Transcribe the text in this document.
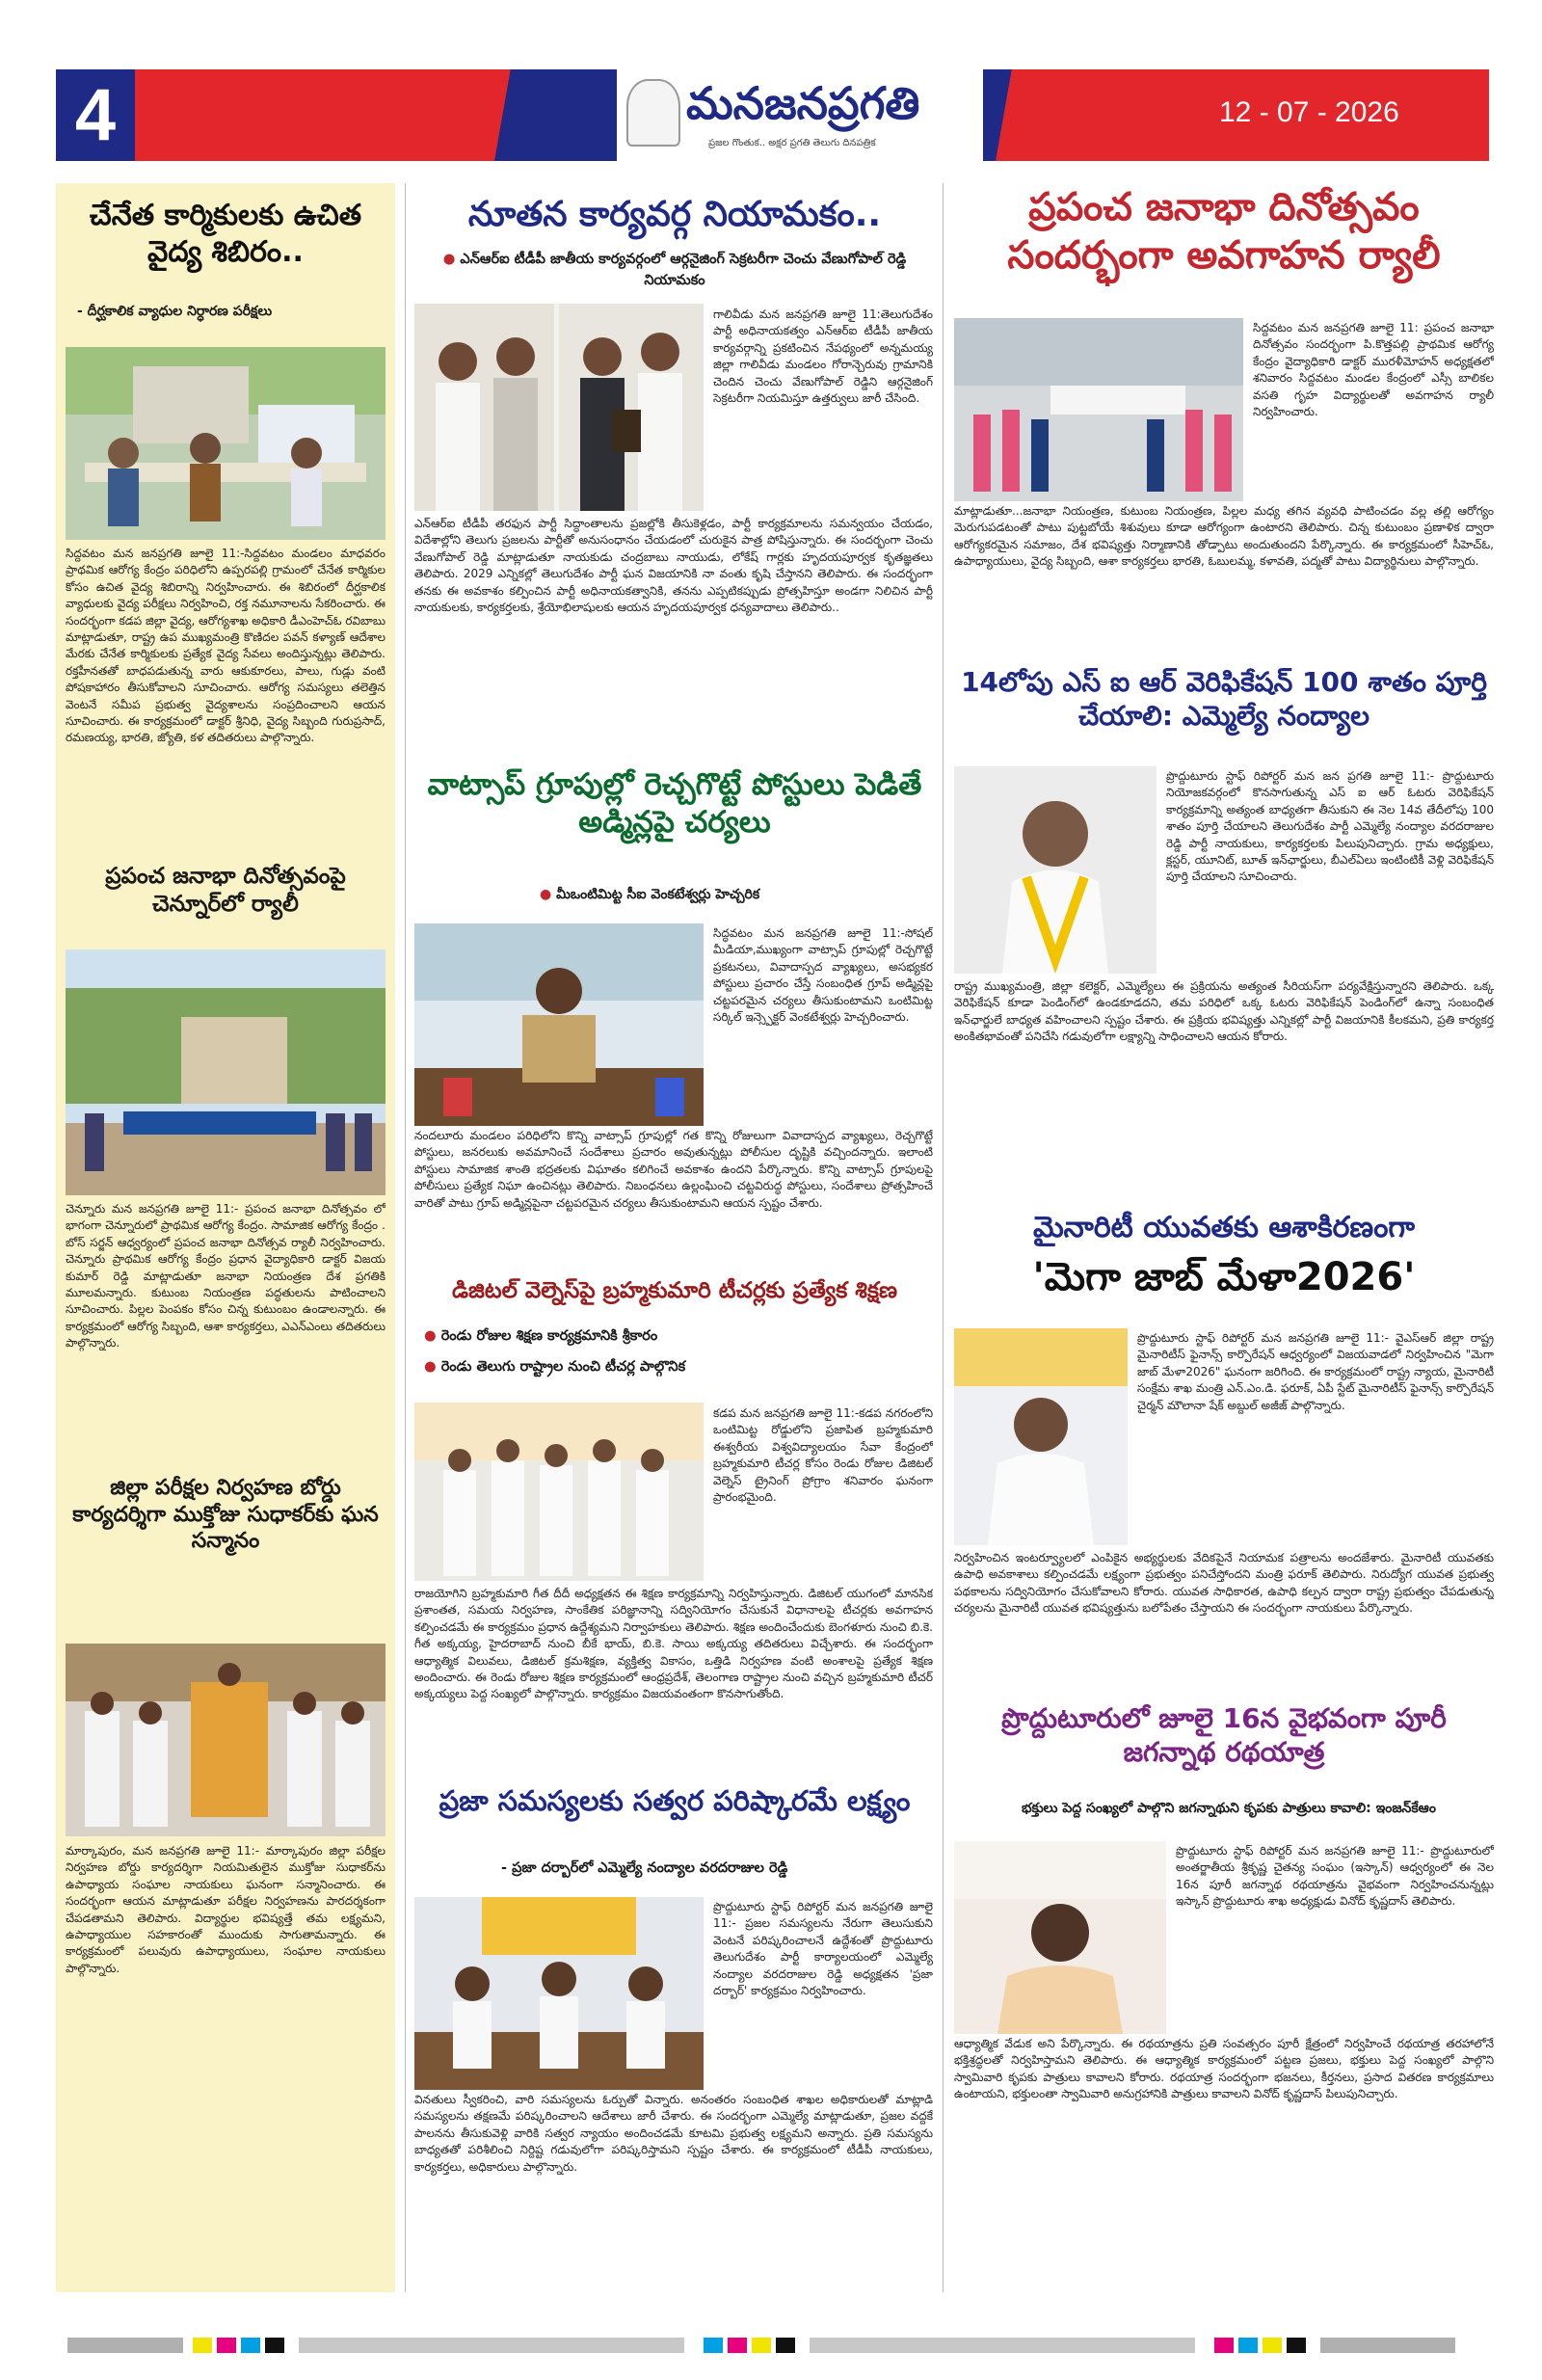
4	మనజనప్రగతి
ప్రజల గొంతుక.. అక్షర ప్రగతి తెలుగు దినపత్రిక
12 - 07 - 2026
చేనేత కార్మికులకు ఉచిత వైద్య శిబిరం..
- దీర్ఘకాలిక వ్యాధుల నిర్ధారణ పరీక్షలు
సిద్దవటం మన జనప్రగతి జూలై 11:-సిద్దవటం మండలం మాధవరం ప్రాథమిక ఆరోగ్య కేంద్రం పరిధిలోని ఉప్పరపల్లి గ్రామంలో చేనేత కార్మికుల కోసం ఉచిత వైద్య శిబిరాన్ని నిర్వహించారు. ఈ శిబిరంలో దీర్ఘకాలిక వ్యాధులకు వైద్య పరీక్షలు నిర్వహించి, రక్త నమూనాలను సేకరించారు. ఈ సందర్భంగా కడప జిల్లా వైద్య, ఆరోగ్యశాఖ అధికారి డీఎంహెచ్ఓ రవిబాబు మాట్లాడుతూ, రాష్ట్ర ఉప ముఖ్యమంత్రి కొణిదల పవన్ కళ్యాణ్ ఆదేశాల మేరకు చేనేత కార్మికులకు ప్రత్యేక వైద్య సేవలు అందిస్తున్నట్లు తెలిపారు. రక్తహీనతతో బాధపడుతున్న వారు ఆకుకూరలు, పాలు, గుడ్లు వంటి పోషకాహారం తీసుకోవాలని సూచించారు. ఆరోగ్య సమస్యలు తలెత్తిన వెంటనే సమీప ప్రభుత్వ వైద్యశాలను సంప్రదించాలని ఆయన సూచించారు. ఈ కార్యక్రమంలో డాక్టర్ శ్రీనిధి, వైద్య సిబ్బంది గురుప్రసాద్, రమణయ్య, భారతి, జ్యోతి, కళ తదితరులు పాల్గొన్నారు.
ప్రపంచ జనాభా దినోత్సవంపై చెన్నూర్‌లో ర్యాలీ
చెన్నూరు మన జనప్రగతి జూలై 11:- ప్రపంచ జనాభా దినోత్సవం లో భాగంగా చెన్నూరులో ప్రాథమిక ఆరోగ్య కేంద్రం. సామాజిక ఆరోగ్య కేంద్రం . బోస్ సర్జన్ ఆధ్వర్యంలో ప్రపంచ జనాభా దినోత్సవ ర్యాలీ నిర్వహించారు. చెన్నూరు ప్రాథమిక ఆరోగ్య కేంద్రం ప్రధాన వైద్యాధికారి డాక్టర్ విజయ కుమార్ రెడ్డి మాట్లాడుతూ జనాభా నియంత్రణ దేశ ప్రగతికి మూలమన్నారు. కుటుంబ నియంత్రణ పద్ధతులను పాటించాలని సూచించారు. పిల్లల పెంపకం కోసం చిన్న కుటుంబం ఉండాలన్నారు. ఈ కార్యక్రమంలో ఆరోగ్య సిబ్బంది, ఆశా కార్యకర్తలు, ఎఎన్ఎంలు తదితరులు పాల్గొన్నారు.
జిల్లా పరీక్షల నిర్వహణ బోర్డు కార్యదర్శిగా ముక్తోజు సుధాకర్‌కు ఘన సన్మానం
మార్కాపురం, మన జనప్రగతి జూలై 11:- మార్కాపురం జిల్లా పరీక్షల నిర్వహణ బోర్డు కార్యదర్శిగా నియమితులైన ముక్తోజు సుధాకర్‌ను ఉపాధ్యాయ సంఘాల నాయకులు ఘనంగా సన్మానించారు. ఈ సందర్భంగా ఆయన మాట్లాడుతూ పరీక్షల నిర్వహణను పారదర్శకంగా చేపడతామని తెలిపారు. విద్యార్థుల భవిష్యత్తే తమ లక్ష్యమని, ఉపాధ్యాయుల సహకారంతో ముందుకు సాగుతామన్నారు. ఈ కార్యక్రమంలో పలువురు ఉపాధ్యాయులు, సంఘాల నాయకులు పాల్గొన్నారు.
నూతన కార్యవర్గ నియామకం..
● ఎన్ఆర్ఐ టీడీపీ జాతీయ కార్యవర్గంలో ఆర్గనైజింగ్ సెక్రటరీగా చెంచు వేణుగోపాల్ రెడ్డి నియామకం
గాలివీడు మన జనప్రగతి జూలై 11:తెలుగుదేశం పార్టీ అధినాయకత్వం ఎన్ఆర్ఐ టీడీపీ జాతీయ కార్యవర్గాన్ని ప్రకటించిన నేపథ్యంలో అన్నమయ్య జిల్లా గాలివీడు మండలం గోరాన్చెరువు గ్రామానికి చెందిన చెంచు వేణుగోపాల్ రెడ్డిని ఆర్గనైజింగ్ సెక్రటరీగా నియమిస్తూ ఉత్తర్వులు జారీ చేసింది.
ఎన్ఆర్ఐ టీడీపీ తరఫున పార్టీ సిద్ధాంతాలను ప్రజల్లోకి తీసుకెళ్లడం, పార్టీ కార్యక్రమాలను సమన్వయం చేయడం, విదేశాల్లోని తెలుగు ప్రజలను పార్టీతో అనుసంధానం చేయడంలో చురుకైన పాత్ర పోషిస్తున్నారు. ఈ సందర్భంగా చెంచు వేణుగోపాల్ రెడ్డి మాట్లాడుతూ నాయకుడు చంద్రబాబు నాయుడు, లోకేష్ గార్లకు హృదయపూర్వక కృతజ్ఞతలు తెలిపారు. 2029 ఎన్నికల్లో తెలుగుదేశం పార్టీ ఘన విజయానికి నా వంతు కృషి చేస్తానని తెలిపారు. ఈ సందర్భంగా తనకు ఈ అవకాశం కల్పించిన పార్టీ అధినాయకత్వానికి, తనను ఎప్పటికప్పుడు ప్రోత్సహిస్తూ అండగా నిలిచిన పార్టీ నాయకులకు, కార్యకర్తలకు, శ్రేయోభిలాషులకు ఆయన హృదయపూర్వక ధన్యవాదాలు తెలిపారు..
వాట్సాప్ గ్రూపుల్లో రెచ్చగొట్టే పోస్టులు పెడితే అడ్మిన్లపై చర్యలు
● మీఒంటిమిట్ట సీఐ వెంకటేశ్వర్లు హెచ్చరిక
సిద్ధవటం మన జనప్రగతి జూలై 11:-సోషల్ మీడియా,ముఖ్యంగా వాట్సాప్ గ్రూపుల్లో రెచ్చగొట్టే ప్రకటనలు, వివాదాస్పద వ్యాఖ్యలు, అసభ్యకర పోస్టులు ప్రచారం చేస్తే సంబంధిత గ్రూప్ అడ్మిన్లపై చట్టపరమైన చర్యలు తీసుకుంటామని ఒంటిమిట్ట సర్కిల్ ఇన్స్పెక్టర్ వెంకటేశ్వర్లు హెచ్చరించారు.
నందలూరు మండలం పరిధిలోని కొన్ని వాట్సాప్ గ్రూపుల్లో గత కొన్ని రోజులుగా వివాదాస్పద వ్యాఖ్యలు, రెచ్చగొట్టే పోస్టులు, జనరలుకు అవమానించే సందేశాలు ప్రచారం అవుతున్నట్లు పోలీసుల దృష్టికి వచ్చిందన్నారు. ఇలాంటి పోస్టులు సామాజిక శాంతి భద్రతలకు విఘాతం కలిగించే అవకాశం ఉందని పేర్కొన్నారు. కొన్ని వాట్సాప్ గ్రూపులపై పోలీసులు ప్రత్యేక నిఘా ఉంచినట్లు తెలిపారు. నిబంధనలు ఉల్లంఘించి చట్టవిరుద్ధ పోస్టులు, సందేశాలు ప్రోత్సహించే వారితో పాటు గ్రూప్ అడ్మిన్లపైనా చట్టపరమైన చర్యలు తీసుకుంటామని ఆయన స్పష్టం చేశారు.
డిజిటల్ వెల్నెస్‌పై బ్రహ్మకుమారి టీచర్లకు ప్రత్యేక శిక్షణ
● రెండు రోజుల శిక్షణ కార్యక్రమానికి శ్రీకారం
● రెండు తెలుగు రాష్ట్రాల నుంచి టీచర్ల పాల్గొనిక
కడప మన జనప్రగతి జూలై 11:-కడప నగరంలోని ఒంటిమిట్ట రోడ్డులోని ప్రజాపిత బ్రహ్మకుమారి ఈశ్వరీయ విశ్వవిద్యాలయం సేవా కేంద్రంలో బ్రహ్మకుమారి టీచర్ల కోసం రెండు రోజుల డిజిటల్ వెల్నెస్ ట్రైనింగ్ ప్రోగ్రాం శనివారం ఘనంగా ప్రారంభమైంది.
రాజయోగిని బ్రహ్మకుమారి గీత దీదీ అధ్యక్షతన ఈ శిక్షణ కార్యక్రమాన్ని నిర్వహిస్తున్నారు. డిజిటల్ యుగంలో మానసిక ప్రశాంతత, సమయ నిర్వహణ, సాంకేతిక పరిజ్ఞానాన్ని సద్వినియోగం చేసుకునే విధానాలపై టీచర్లకు అవగాహన కల్పించడమే ఈ కార్యక్రమం ప్రధాన ఉద్దేశ్యమని నిర్వాహకులు తెలిపారు. శిక్షణ అందించేందుకు బెంగళూరు నుంచి బి.కె. గీత అక్కయ్య, హైదరాబాద్ నుంచి బీకే భాయ్, బి.కె. సాయి అక్కయ్య తదితరులు విచ్చేశారు. ఈ సందర్భంగా ఆధ్యాత్మిక విలువలు, డిజిటల్ క్రమశిక్షణ, వ్యక్తిత్వ వికాసం, ఒత్తిడి నిర్వహణ వంటి అంశాలపై ప్రత్యేక శిక్షణ అందించారు. ఈ రెండు రోజుల శిక్షణ కార్యక్రమంలో ఆంధ్రప్రదేశ్, తెలంగాణ రాష్ట్రాల నుంచి వచ్చిన బ్రహ్మకుమారి టీచర్ అక్కయ్యలు పెద్ద సంఖ్యలో పాల్గొన్నారు. కార్యక్రమం విజయవంతంగా కొనసాగుతోంది.
ప్రజా సమస్యలకు సత్వర పరిష్కారమే లక్ష్యం
- ప్రజా దర్బార్‌లో ఎమ్మెల్యే నంద్యాల వరదరాజుల రెడ్డి
ప్రొద్దుటూరు స్టాఫ్ రిపోర్టర్ మన జనప్రగతి జూలై 11:- ప్రజల సమస్యలను నేరుగా తెలుసుకుని వెంటనే పరిష్కరించాలనే ఉద్దేశంతో ప్రొద్దుటూరు తెలుగుదేశం పార్టీ కార్యాలయంలో ఎమ్మెల్యే నంద్యాల వరదరాజుల రెడ్డి అధ్యక్షతన 'ప్రజా దర్బార్' కార్యక్రమం నిర్వహించారు.
వినతులు స్వీకరించి, వారి సమస్యలను ఓర్పుతో విన్నారు. అనంతరం సంబంధిత శాఖల అధికారులతో మాట్లాడి సమస్యలను తక్షణమే పరిష్కరించాలని ఆదేశాలు జారీ చేశారు. ఈ సందర్భంగా ఎమ్మెల్యే మాట్లాడుతూ, ప్రజల వద్దకే పాలనను తీసుకువెళ్లి వారికి సత్వర న్యాయం అందించడమే కూటమి ప్రభుత్వ లక్ష్యమని అన్నారు. ప్రతి సమస్యను బాధ్యతతో పరిశీలించి నిర్దిష్ట గడువులోగా పరిష్కరిస్తామని స్పష్టం చేశారు. ఈ కార్యక్రమంలో టీడీపీ నాయకులు, కార్యకర్తలు, అధికారులు పాల్గొన్నారు.
ప్రపంచ జనాభా దినోత్సవం సందర్భంగా అవగాహన ర్యాలీ
సిద్దవటం మన జనప్రగతి జూలై 11: ప్రపంచ జనాభా దినోత్సవం సందర్భంగా పి.కొత్తపల్లి ప్రాథమిక ఆరోగ్య కేంద్రం వైద్యాధికారి డాక్టర్ మురళీమోహన్ అధ్యక్షతలో శనివారం సిద్దవటం మండల కేంద్రంలో ఎస్సీ బాలికల వసతి గృహ విద్యార్థులతో అవగాహన ర్యాలీ నిర్వహించారు.
మాట్లాడుతూ...జనాభా నియంత్రణ, కుటుంబ నియంత్రణ, పిల్లల మధ్య తగిన వ్యవధి పాటించడం వల్ల తల్లి ఆరోగ్యం మెరుగుపడటంతో పాటు పుట్టబోయే శిశువులు కూడా ఆరోగ్యంగా ఉంటారని తెలిపారు. చిన్న కుటుంబం ప్రణాళిక ద్వారా ఆరోగ్యకరమైన సమాజం, దేశ భవిష్యత్తు నిర్మాణానికి తోడ్పాటు అందుతుందని పేర్కొన్నారు. ఈ కార్యక్రమంలో సీహెచ్ఓ, ఉపాధ్యాయులు, వైద్య సిబ్బంది, ఆశా కార్యకర్తలు భారతి, ఓబులమ్మ, కళావతి, పద్మతో పాటు విద్యార్థినులు పాల్గొన్నారు.
14లోపు ఎస్ ఐ ఆర్ వెరిఫికేషన్ 100 శాతం పూర్తి చేయాలి: ఎమ్మెల్యే నంద్యాల
ప్రొద్దుటూరు స్టాఫ్ రిపోర్టర్ మన జన ప్రగతి జూలై 11:- ప్రొద్దుటూరు నియోజకవర్గంలో కొనసాగుతున్న ఎస్ ఐ ఆర్ ఓటరు వెరిఫికేషన్ కార్యక్రమాన్ని అత్యంత బాధ్యతగా తీసుకుని ఈ నెల 14వ తేదీలోపు 100 శాతం పూర్తి చేయాలని తెలుగుదేశం పార్టీ ఎమ్మెల్యే నంద్యాల వరదరాజుల రెడ్డి పార్టీ నాయకులు, కార్యకర్తలకు పిలుపునిచ్చారు. గ్రామ అధ్యక్షులు, క్లస్టర్, యూనిట్, బూత్ ఇన్‌ఛార్జులు, బీఎల్ఏలు ఇంటింటికీ వెళ్లి వెరిఫికేషన్ పూర్తి చేయాలని సూచించారు.
రాష్ట్ర ముఖ్యమంత్రి, జిల్లా కలెక్టర్, ఎమ్మెల్యేలు ఈ ప్రక్రియను అత్యంత సీరియస్‌గా పర్యవేక్షిస్తున్నారని తెలిపారు. ఒక్క వెరిఫికేషన్ కూడా పెండింగ్‌లో ఉండకూడదని, తమ పరిధిలో ఒక్క ఓటరు వెరిఫికేషన్ పెండింగ్‌లో ఉన్నా సంబంధిత ఇన్‌ఛార్జులే బాధ్యత వహించాలని స్పష్టం చేశారు. ఈ ప్రక్రియ భవిష్యత్తు ఎన్నికల్లో పార్టీ విజయానికి కీలకమని, ప్రతి కార్యకర్త అంకితభావంతో పనిచేసి గడువులోగా లక్ష్యాన్ని సాధించాలని ఆయన కోరారు.
మైనారిటీ యువతకు ఆశాకిరణంగా
'మెగా జాబ్ మేళా2026'
ప్రొద్దుటూరు స్టాఫ్ రిపోర్టర్ మన జనప్రగతి జూలై 11:- వైఎస్ఆర్ జిల్లా రాష్ట్ర మైనారిటీస్ ఫైనాన్స్ కార్పొరేషన్ ఆధ్వర్యంలో విజయవాడలో నిర్వహించిన "మెగా జాబ్ మేళా2026" ఘనంగా జరిగింది. ఈ కార్యక్రమంలో రాష్ట్ర న్యాయ, మైనారిటీ సంక్షేమ శాఖ మంత్రి ఎన్.ఎం.డి. ఫరూక్, ఏపీ స్టేట్ మైనారిటీస్ ఫైనాన్స్ కార్పొరేషన్ చైర్మన్ మౌలానా షేక్ అబ్దుల్ అజీజ్ పాల్గొన్నారు.
నిర్వహించిన ఇంటర్వ్యూలలో ఎంపికైన అభ్యర్థులకు వేదికపైనే నియామక పత్రాలను అందజేశారు. మైనారిటీ యువతకు ఉపాధి అవకాశాలు కల్పించడమే లక్ష్యంగా ప్రభుత్వం పనిచేస్తోందని మంత్రి ఫరూక్ తెలిపారు. నిరుద్యోగ యువత ప్రభుత్వ పథకాలను సద్వినియోగం చేసుకోవాలని కోరారు. యువత సాధికారత, ఉపాధి కల్పన ద్వారా రాష్ట్ర ప్రభుత్వం చేపడుతున్న చర్యలను మైనారిటీ యువత భవిష్యత్తును బలోపేతం చేస్తాయని ఈ సందర్భంగా నాయకులు పేర్కొన్నారు.
ప్రొద్దుటూరులో జూలై 16న వైభవంగా పూరీ జగన్నాథ రథయాత్ర
భక్తులు పెద్ద సంఖ్యలో పాల్గొని జగన్నాథుని కృపకు పాత్రులు కావాలి: ఇంజన్‌కేఆం
ప్రొద్దుటూరు స్టాఫ్ రిపోర్టర్ మన జనప్రగతి జూలై 11:- ప్రొద్దుటూరులో అంతర్జాతీయ శ్రీకృష్ణ చైతన్య సంఘం (ఇస్కాన్) ఆధ్వర్యంలో ఈ నెల 16న పూరీ జగన్నాథ రథయాత్రను వైభవంగా నిర్వహించనున్నట్లు ఇస్కాన్ ప్రొద్దుటూరు శాఖ అధ్యక్షుడు వినోద్ కృష్ణదాస్ తెలిపారు.
ఆధ్యాత్మిక వేడుక అని పేర్కొన్నారు. ఈ రథయాత్రను ప్రతి సంవత్సరం పూరీ క్షేత్రంలో నిర్వహించే రథయాత్ర తరహాలోనే భక్తిశ్రద్ధలతో నిర్వహిస్తామని తెలిపారు. ఈ ఆధ్యాత్మిక కార్యక్రమంలో పట్టణ ప్రజలు, భక్తులు పెద్ద సంఖ్యలో పాల్గొని స్వామివారి కృపకు పాత్రులు కావాలని కోరారు. రథయాత్ర సందర్భంగా భజనలు, కీర్తనలు, ప్రసాద వితరణ కార్యక్రమాలు ఉంటాయని, భక్తులంతా స్వామివారి అనుగ్రహానికి పాత్రులు కావాలని వినోద్ కృష్ణదాస్ పిలుపునిచ్చారు.
